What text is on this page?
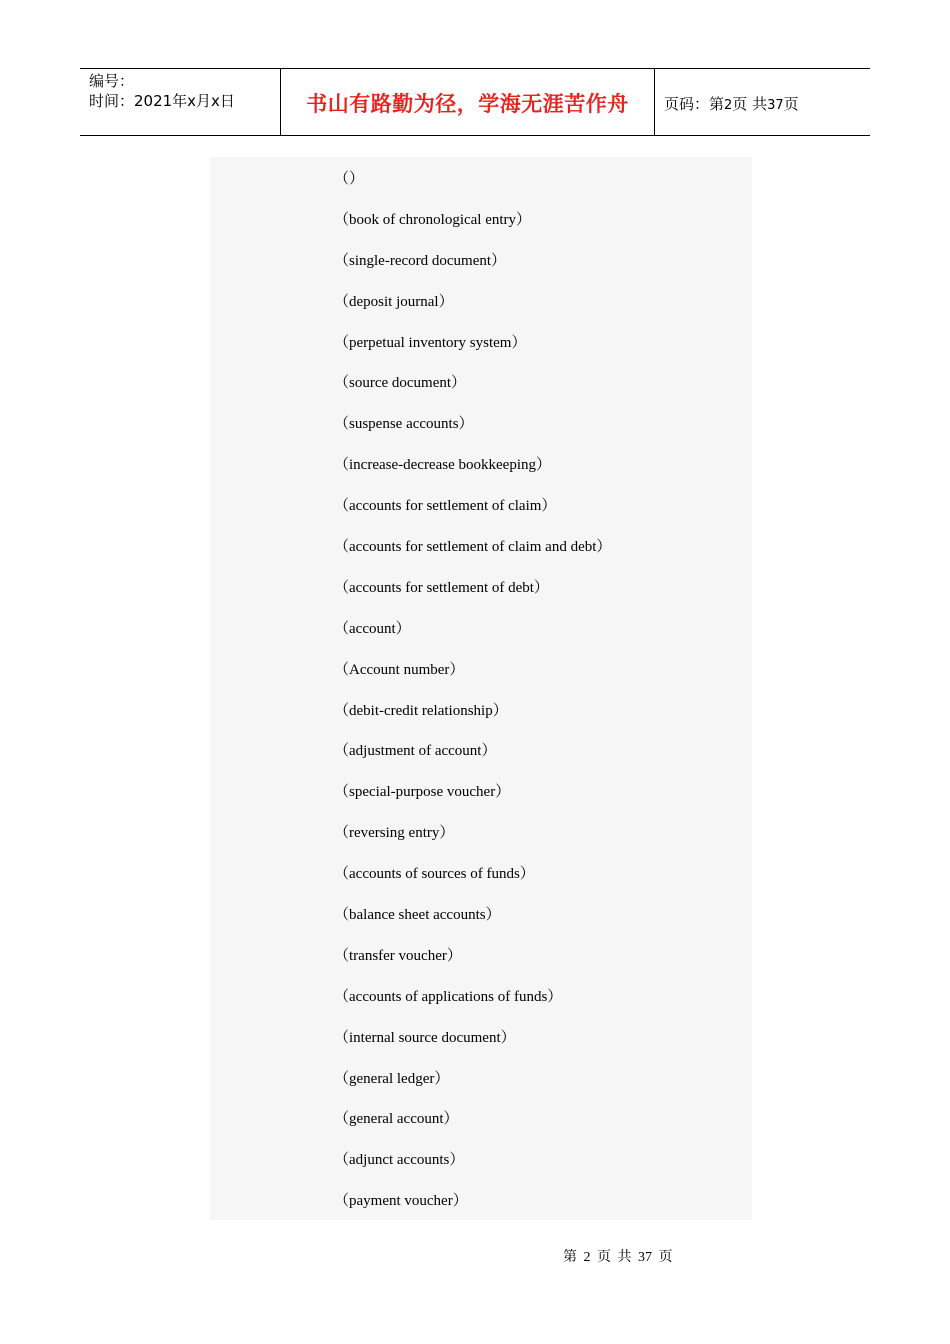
编号：
时间：2021年x月x日	书山有路勤为径，学海无涯苦作舟	页码：第2页 共37页
（）
（book of chronological entry）
（single-record document）
（deposit journal）
（perpetual inventory system）
（source document）
（suspense accounts）
（increase-decrease bookkeeping）
（accounts for settlement of claim）
（accounts for settlement of claim and debt）
（accounts for settlement of debt）
（account）
（Account number）
（debit-credit relationship）
（adjustment of account）
（special-purpose voucher）
（reversing entry）
（accounts of sources of funds）
（balance sheet accounts）
（transfer voucher）
（accounts of applications of funds）
（internal source document）
（general ledger）
（general account）
（adjunct accounts）
（payment voucher）
第 2 页 共 37 页
